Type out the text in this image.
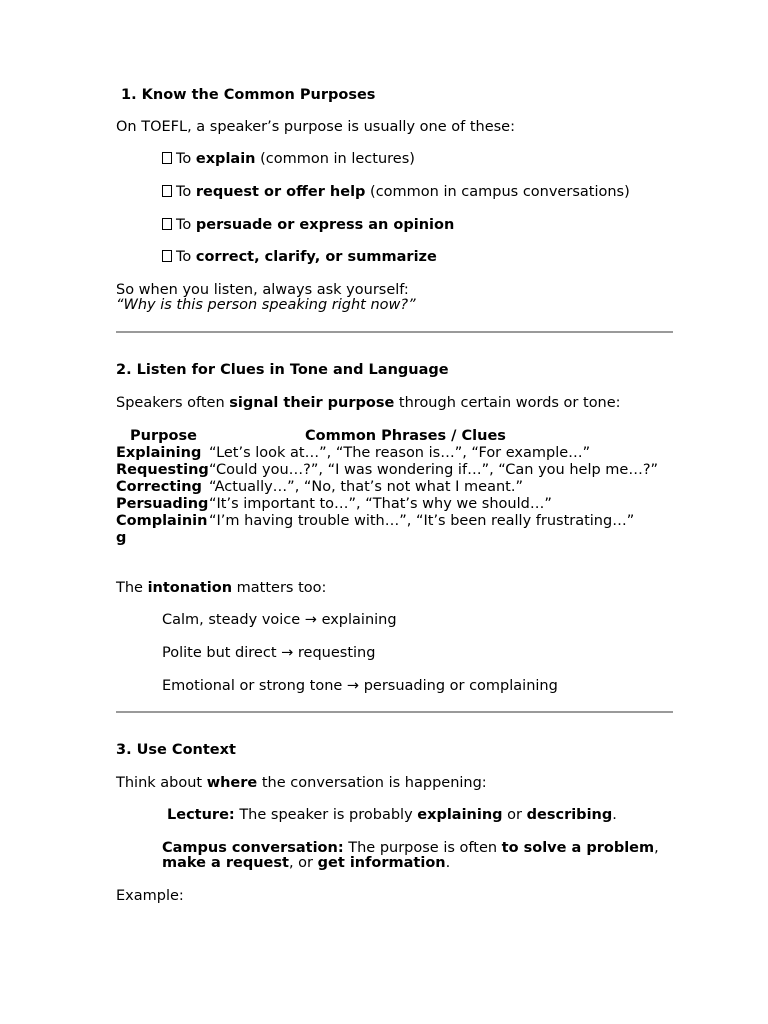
1. Know the Common Purposes
On TOEFL, a speaker’s purpose is usually one of these:
To explain (common in lectures)
To request or offer help (common in campus conversations)
To persuade or express an opinion
To correct, clarify, or summarize
So when you listen, always ask yourself:
“Why is this person speaking right now?”
2. Listen for Clues in Tone and Language
Speakers often signal their purpose through certain words or tone:
Purpose	Common Phrases / Clues
Explaining	“Let’s look at…”, “The reason is…”, “For example…”
Requesting	“Could you…?”, “I was wondering if…”, “Can you help me…?”
Correcting	“Actually…”, “No, that’s not what I meant.”
Persuading	“It’s important to…”, “That’s why we should…”
Complaining	“I’m having trouble with…”, “It’s been really frustrating…”
The intonation matters too:
Calm, steady voice → explaining
Polite but direct → requesting
Emotional or strong tone → persuading or complaining
3. Use Context
Think about where the conversation is happening:
Lecture: The speaker is probably explaining or describing.
Campus conversation: The purpose is often to solve a problem,
make a request, or get information.
Example:
